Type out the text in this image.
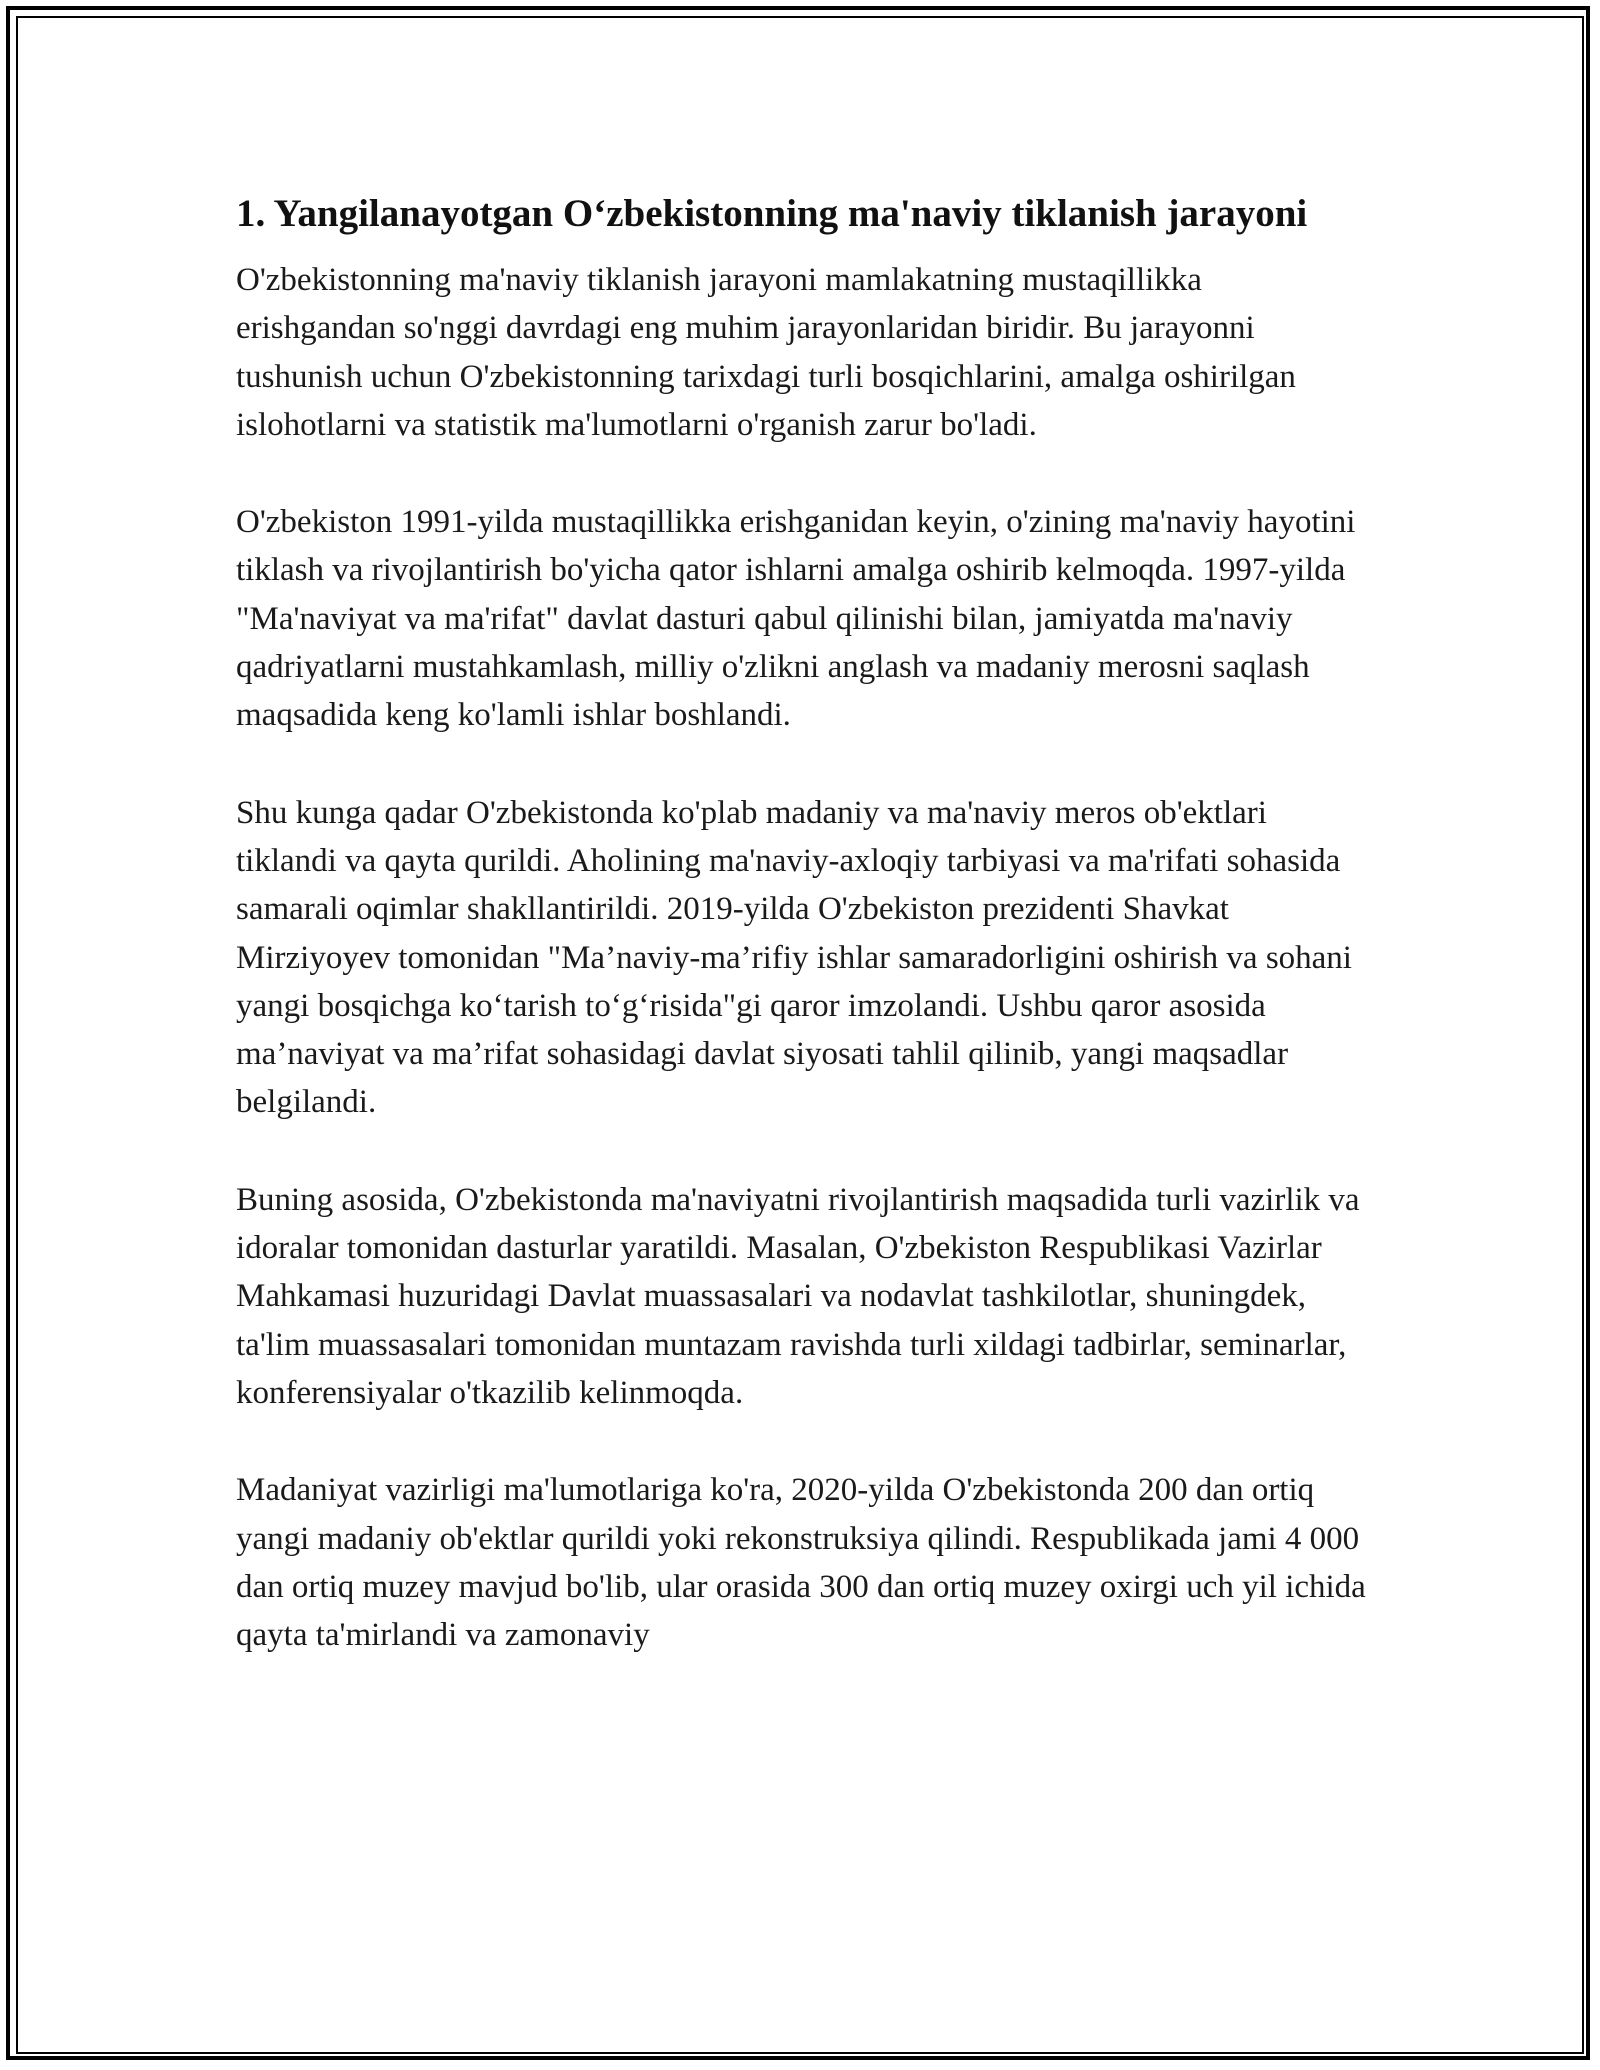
1. Yangilanayotgan O‘zbekistonning ma'naviy tiklanish jarayoni

O'zbekistonning ma'naviy tiklanish jarayoni mamlakatning mustaqillikka erishgandan so'nggi davrdagi eng muhim jarayonlaridan biridir. Bu jarayonni tushunish uchun O'zbekistonning tarixdagi turli bosqichlarini, amalga oshirilgan islohotlarni va statistik ma'lumotlarni o'rganish zarur bo'ladi.

O'zbekiston 1991-yilda mustaqillikka erishganidan keyin, o'zining ma'naviy hayotini tiklash va rivojlantirish bo'yicha qator ishlarni amalga oshirib kelmoqda. 1997-yilda "Ma'naviyat va ma'rifat" davlat dasturi qabul qilinishi bilan, jamiyatda ma'naviy qadriyatlarni mustahkamlash, milliy o'zlikni anglash va madaniy merosni saqlash maqsadida keng ko'lamli ishlar boshlandi.

Shu kunga qadar O'zbekistonda ko'plab madaniy va ma'naviy meros ob'ektlari tiklandi va qayta qurildi. Aholining ma'naviy-axloqiy tarbiyasi va ma'rifati sohasida samarali oqimlar shakllantirildi. 2019-yilda O'zbekiston prezidenti Shavkat Mirziyoyev tomonidan "Ma’naviy-ma’rifiy ishlar samaradorligini oshirish va sohani yangi bosqichga ko‘tarish to‘g‘risida"gi qaror imzolandi. Ushbu qaror asosida ma’naviyat va ma’rifat sohasidagi davlat siyosati tahlil qilinib, yangi maqsadlar belgilandi.

Buning asosida, O'zbekistonda ma'naviyatni rivojlantirish maqsadida turli vazirlik va idoralar tomonidan dasturlar yaratildi. Masalan, O'zbekiston Respublikasi Vazirlar Mahkamasi huzuridagi Davlat muassasalari va nodavlat tashkilotlar, shuningdek, ta'lim muassasalari tomonidan muntazam ravishda turli xildagi tadbirlar, seminarlar, konferensiyalar o'tkazilib kelinmoqda.

Madaniyat vazirligi ma'lumotlariga ko'ra, 2020-yilda O'zbekistonda 200 dan ortiq yangi madaniy ob'ektlar qurildi yoki rekonstruksiya qilindi. Respublikada jami 4 000 dan ortiq muzey mavjud bo'lib, ular orasida 300 dan ortiq muzey oxirgi uch yil ichida qayta ta'mirlandi va zamonaviy
